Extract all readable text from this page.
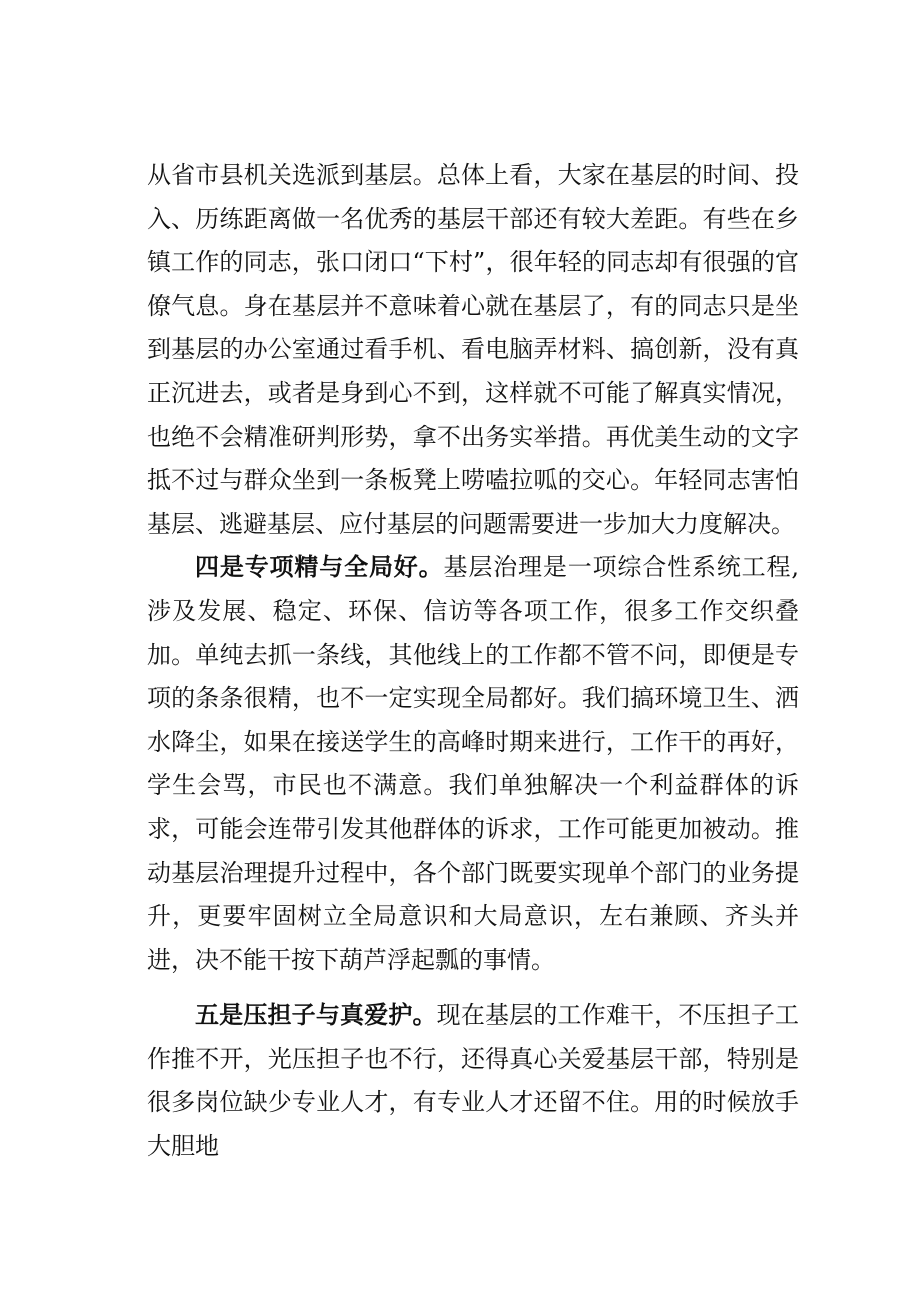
从省市县机关选派到基层。总体上看，大家在基层的时间、投入、历练距离做一名优秀的基层干部还有较大差距。有些在乡镇工作的同志，张口闭口“下村”，很年轻的同志却有很强的官僚气息。身在基层并不意味着心就在基层了，有的同志只是坐到基层的办公室通过看手机、看电脑弄材料、搞创新，没有真正沉进去，或者是身到心不到，这样就不可能了解真实情况，也绝不会精准研判形势，拿不出务实举措。再优美生动的文字抵不过与群众坐到一条板凳上唠嗑拉呱的交心。年轻同志害怕基层、逃避基层、应付基层的问题需要进一步加大力度解决。

四是专项精与全局好。基层治理是一项综合性系统工程,涉及发展、稳定、环保、信访等各项工作，很多工作交织叠加。单纯去抓一条线，其他线上的工作都不管不问，即便是专项的条条很精，也不一定实现全局都好。我们搞环境卫生、洒水降尘，如果在接送学生的高峰时期来进行，工作干的再好，学生会骂，市民也不满意。我们单独解决一个利益群体的诉求，可能会连带引发其他群体的诉求，工作可能更加被动。推动基层治理提升过程中，各个部门既要实现单个部门的业务提升，更要牢固树立全局意识和大局意识，左右兼顾、齐头并进，决不能干按下葫芦浮起瓢的事情。

五是压担子与真爱护。现在基层的工作难干，不压担子工作推不开，光压担子也不行，还得真心关爱基层干部，特别是很多岗位缺少专业人才，有专业人才还留不住。用的时候放手大胆地
